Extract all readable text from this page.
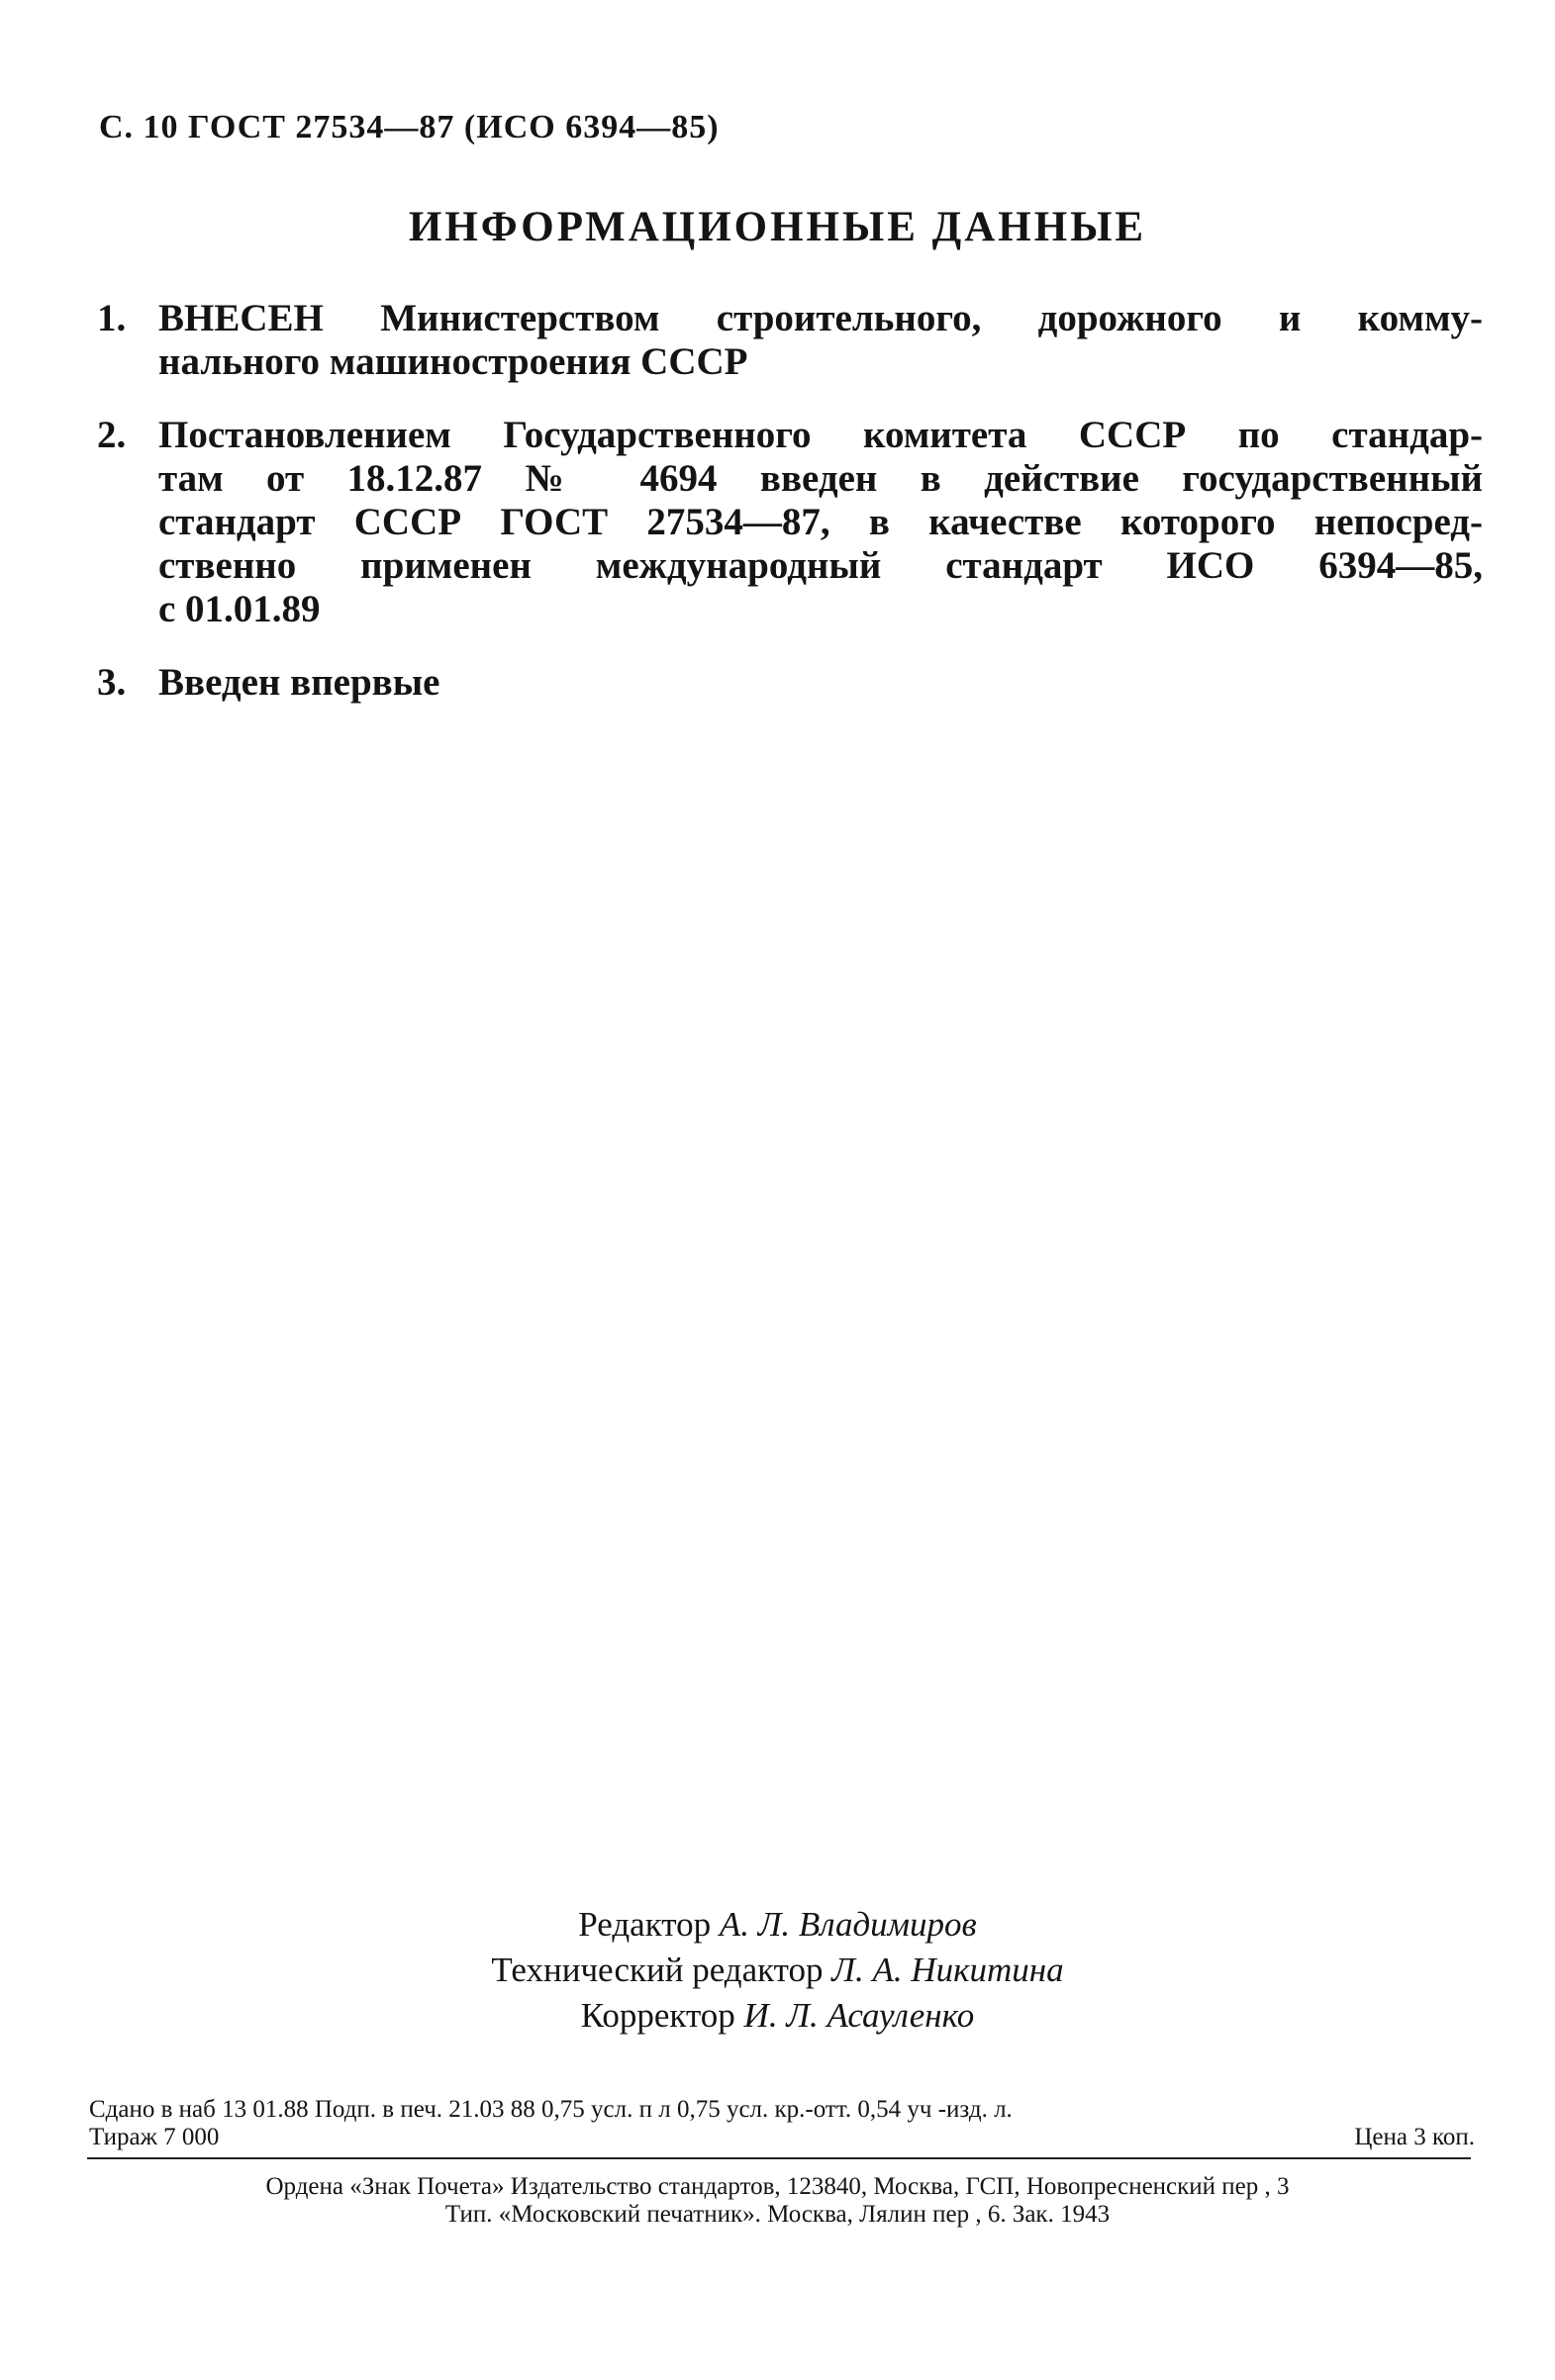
С. 10 ГОСТ 27534—87 (ИСО 6394—85)
ИНФОРМАЦИОННЫЕ ДАННЫЕ
1. ВНЕСЕН Министерством строительного, дорожного и комму-
нального машиностроения СССР
2. Постановлением Государственного комитета СССР по стандар-
там от 18.12.87 № 4694 введен в действие государственный
стандарт СССР ГОСТ 27534—87, в качестве которого непосред-
ственно применен международный стандарт ИСО 6394—85,
с 01.01.89
3. Введен впервые
Редактор А. Л. Владимиров
Технический редактор Л. А. Никитина
Корректор И. Л. Асауленко
Сдано в наб 13 01.88 Подп. в печ. 21.03 88 0,75 усл. п л 0,75 усл. кр.-отт. 0,54 уч -изд. л.
Тираж 7 000	Цена 3 коп.
Ордена «Знак Почета» Издательство стандартов, 123840, Москва, ГСП, Новопресненский пер , 3
Тип. «Московский печатник». Москва, Лялин пер , 6. Зак. 1943
